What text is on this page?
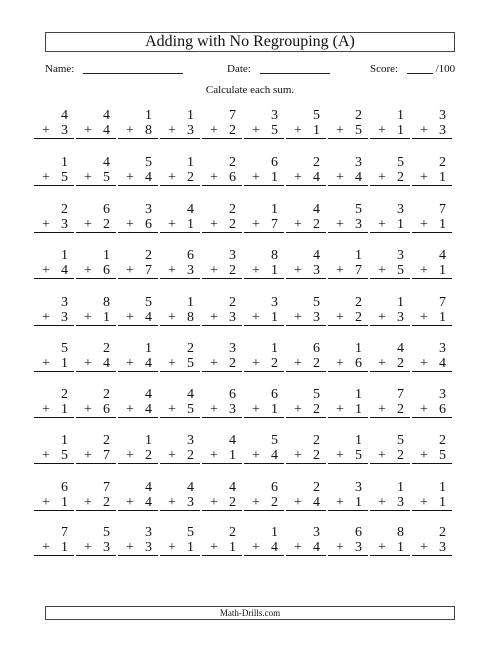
Adding with No Regrouping (A)
Name:	Date:	Score:	/100
Calculate each sum.
4
+ 3
4
+ 4
1
+ 8
1
+ 3
7
+ 2
3
+ 5
5
+ 1
2
+ 5
1
+ 1
3
+ 3
1
+ 5
4
+ 5
5
+ 4
1
+ 2
2
+ 6
6
+ 1
2
+ 4
3
+ 4
5
+ 2
2
+ 1
2
+ 3
6
+ 2
3
+ 6
4
+ 1
2
+ 2
1
+ 7
4
+ 2
5
+ 3
3
+ 1
7
+ 1
1
+ 4
1
+ 6
2
+ 7
6
+ 3
3
+ 2
8
+ 1
4
+ 3
1
+ 7
3
+ 5
4
+ 1
3
+ 3
8
+ 1
5
+ 4
1
+ 8
2
+ 3
3
+ 1
5
+ 3
2
+ 2
1
+ 3
7
+ 1
5
+ 1
2
+ 4
1
+ 4
2
+ 5
3
+ 2
1
+ 2
6
+ 2
1
+ 6
4
+ 2
3
+ 4
2
+ 1
2
+ 6
4
+ 4
4
+ 5
6
+ 3
6
+ 1
5
+ 2
1
+ 1
7
+ 2
3
+ 6
1
+ 5
2
+ 7
1
+ 2
3
+ 2
4
+ 1
5
+ 4
2
+ 2
1
+ 5
5
+ 2
2
+ 5
6
+ 1
7
+ 2
4
+ 4
4
+ 3
4
+ 2
6
+ 2
2
+ 4
3
+ 1
1
+ 3
1
+ 1
7
+ 1
5
+ 3
3
+ 3
5
+ 1
2
+ 1
1
+ 4
3
+ 4
6
+ 3
8
+ 1
2
+ 3
Math-Drills.com
